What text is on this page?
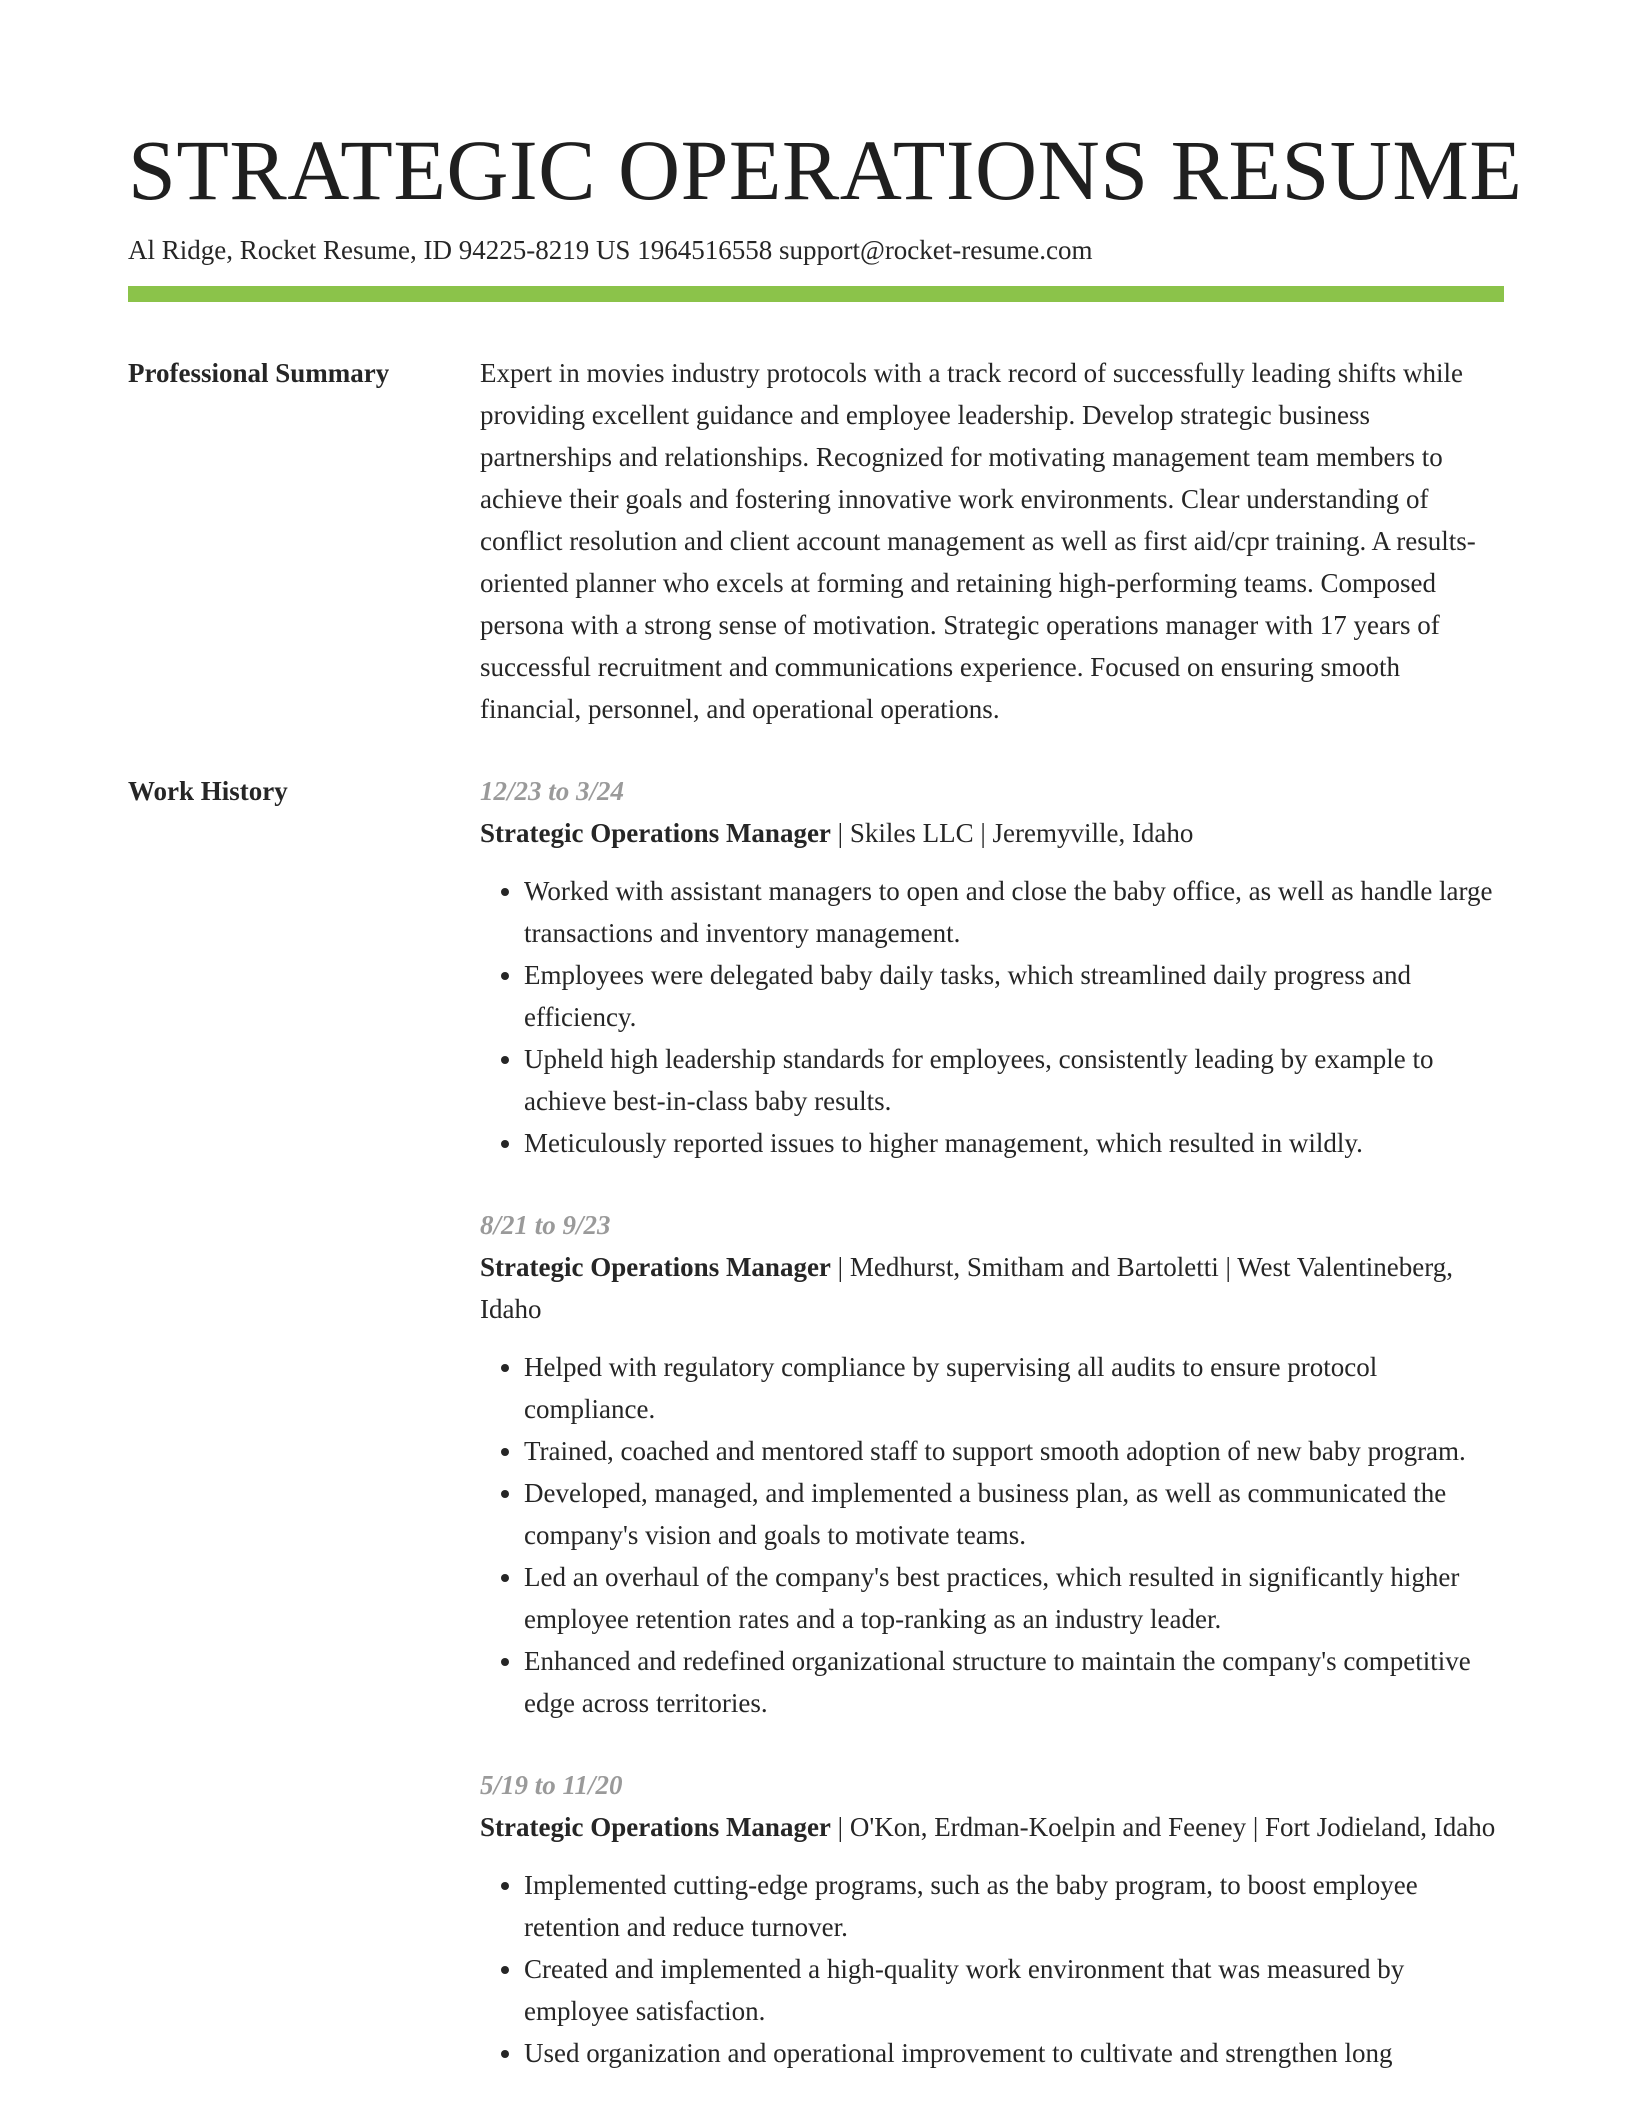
STRATEGIC OPERATIONS RESUME
Al Ridge, Rocket Resume, ID 94225-8219 US 1964516558 support@rocket-resume.com
Professional Summary	Expert in movies industry protocols with a track record of successfully leading shifts while providing excellent guidance and employee leadership. Develop strategic business partnerships and relationships. Recognized for motivating management team members to achieve their goals and fostering innovative work environments. Clear understanding of conflict resolution and client account management as well as first aid/cpr training. A results-oriented planner who excels at forming and retaining high-performing teams. Composed persona with a strong sense of motivation. Strategic operations manager with 17 years of successful recruitment and communications experience. Focused on ensuring smooth financial, personnel, and operational operations.

Work History	12/23 to 3/24
Strategic Operations Manager | Skiles LLC | Jeremyville, Idaho
• Worked with assistant managers to open and close the baby office, as well as handle large transactions and inventory management.
• Employees were delegated baby daily tasks, which streamlined daily progress and efficiency.
• Upheld high leadership standards for employees, consistently leading by example to achieve best-in-class baby results.
• Meticulously reported issues to higher management, which resulted in wildly.
8/21 to 9/23
Strategic Operations Manager | Medhurst, Smitham and Bartoletti | West Valentineberg, Idaho
• Helped with regulatory compliance by supervising all audits to ensure protocol compliance.
• Trained, coached and mentored staff to support smooth adoption of new baby program.
• Developed, managed, and implemented a business plan, as well as communicated the company's vision and goals to motivate teams.
• Led an overhaul of the company's best practices, which resulted in significantly higher employee retention rates and a top-ranking as an industry leader.
• Enhanced and redefined organizational structure to maintain the company's competitive edge across territories.
5/19 to 11/20
Strategic Operations Manager | O'Kon, Erdman-Koelpin and Feeney | Fort Jodieland, Idaho
• Implemented cutting-edge programs, such as the baby program, to boost employee retention and reduce turnover.
• Created and implemented a high-quality work environment that was measured by employee satisfaction.
• Used organization and operational improvement to cultivate and strengthen long
